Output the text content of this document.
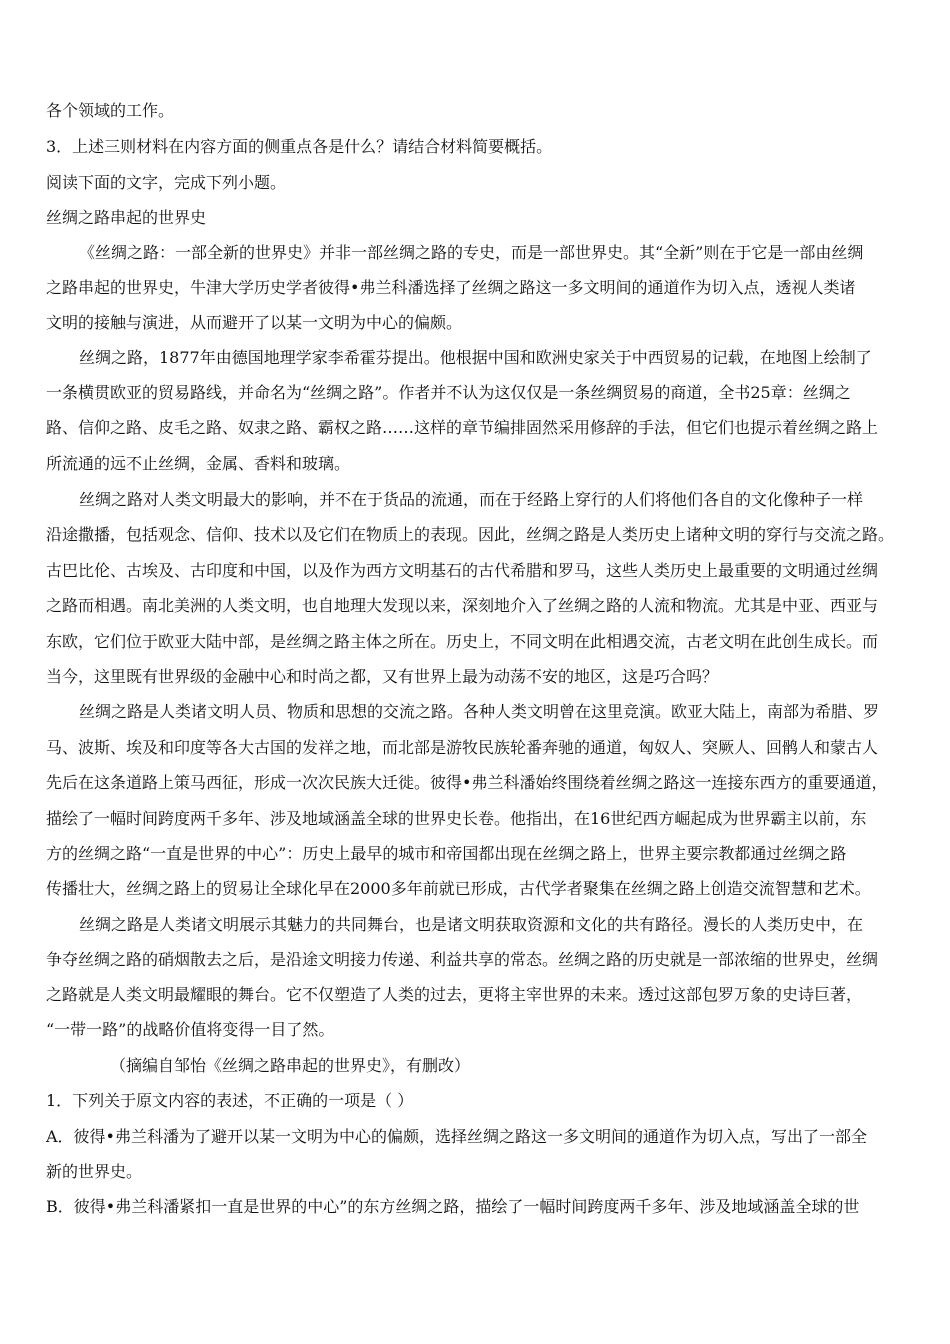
各个领域的工作。
3．上述三则材料在内容方面的侧重点各是什么？请结合材料简要概括。
阅读下面的文字，完成下列小题。
丝绸之路串起的世界史
《丝绸之路：一部全新的世界史》并非一部丝绸之路的专史，而是一部世界史。其“全新”则在于它是一部由丝绸
之路串起的世界史，牛津大学历史学者彼得•弗兰科潘选择了丝绸之路这一多文明间的通道作为切入点，透视人类诸
文明的接触与演进，从而避开了以某一文明为中心的偏颇。
丝绸之路，1877年由德国地理学家李希霍芬提出。他根据中国和欧洲史家关于中西贸易的记载，在地图上绘制了
一条横贯欧亚的贸易路线，并命名为“丝绸之路”。作者并不认为这仅仅是一条丝绸贸易的商道，全书25章：丝绸之
路、信仰之路、皮毛之路、奴隶之路、霸权之路……这样的章节编排固然采用修辞的手法，但它们也提示着丝绸之路上
所流通的远不止丝绸，金属、香料和玻璃。
丝绸之路对人类文明最大的影响，并不在于货品的流通，而在于经路上穿行的人们将他们各自的文化像种子一样
沿途撒播，包括观念、信仰、技术以及它们在物质上的表现。因此，丝绸之路是人类历史上诸种文明的穿行与交流之路。
古巴比伦、古埃及、古印度和中国，以及作为西方文明基石的古代希腊和罗马，这些人类历史上最重要的文明通过丝绸
之路而相遇。南北美洲的人类文明，也自地理大发现以来，深刻地介入了丝绸之路的人流和物流。尤其是中亚、西亚与
东欧，它们位于欧亚大陆中部，是丝绸之路主体之所在。历史上，不同文明在此相遇交流，古老文明在此创生成长。而
当今，这里既有世界级的金融中心和时尚之都，又有世界上最为动荡不安的地区，这是巧合吗？
丝绸之路是人类诸文明人员、物质和思想的交流之路。各种人类文明曾在这里竞演。欧亚大陆上，南部为希腊、罗
马、波斯、埃及和印度等各大古国的发祥之地，而北部是游牧民族轮番奔驰的通道，匈奴人、突厥人、回鹘人和蒙古人
先后在这条道路上策马西征，形成一次次民族大迁徙。彼得•弗兰科潘始终围绕着丝绸之路这一连接东西方的重要通道，
描绘了一幅时间跨度两千多年、涉及地域涵盖全球的世界史长卷。他指出，在16世纪西方崛起成为世界霸主以前，东
方的丝绸之路“一直是世界的中心”：历史上最早的城市和帝国都出现在丝绸之路上，世界主要宗教都通过丝绸之路
传播壮大，丝绸之路上的贸易让全球化早在2000多年前就已形成，古代学者聚集在丝绸之路上创造交流智慧和艺术。
丝绸之路是人类诸文明展示其魅力的共同舞台，也是诸文明获取资源和文化的共有路径。漫长的人类历史中，在
争夺丝绸之路的硝烟散去之后，是沿途文明接力传递、利益共享的常态。丝绸之路的历史就是一部浓缩的世界史，丝绸
之路就是人类文明最耀眼的舞台。它不仅塑造了人类的过去，更将主宰世界的未来。透过这部包罗万象的史诗巨著，
“一带一路”的战略价值将变得一目了然。
（摘编自邹怡《丝绸之路串起的世界史》，有删改）
1．下列关于原文内容的表述，不正确的一项是（ ）
A．彼得•弗兰科潘为了避开以某一文明为中心的偏颇，选择丝绸之路这一多文明间的通道作为切入点，写出了一部全
新的世界史。
B．彼得•弗兰科潘紧扣一直是世界的中心”的东方丝绸之路，描绘了一幅时间跨度两千多年、涉及地域涵盖全球的世
